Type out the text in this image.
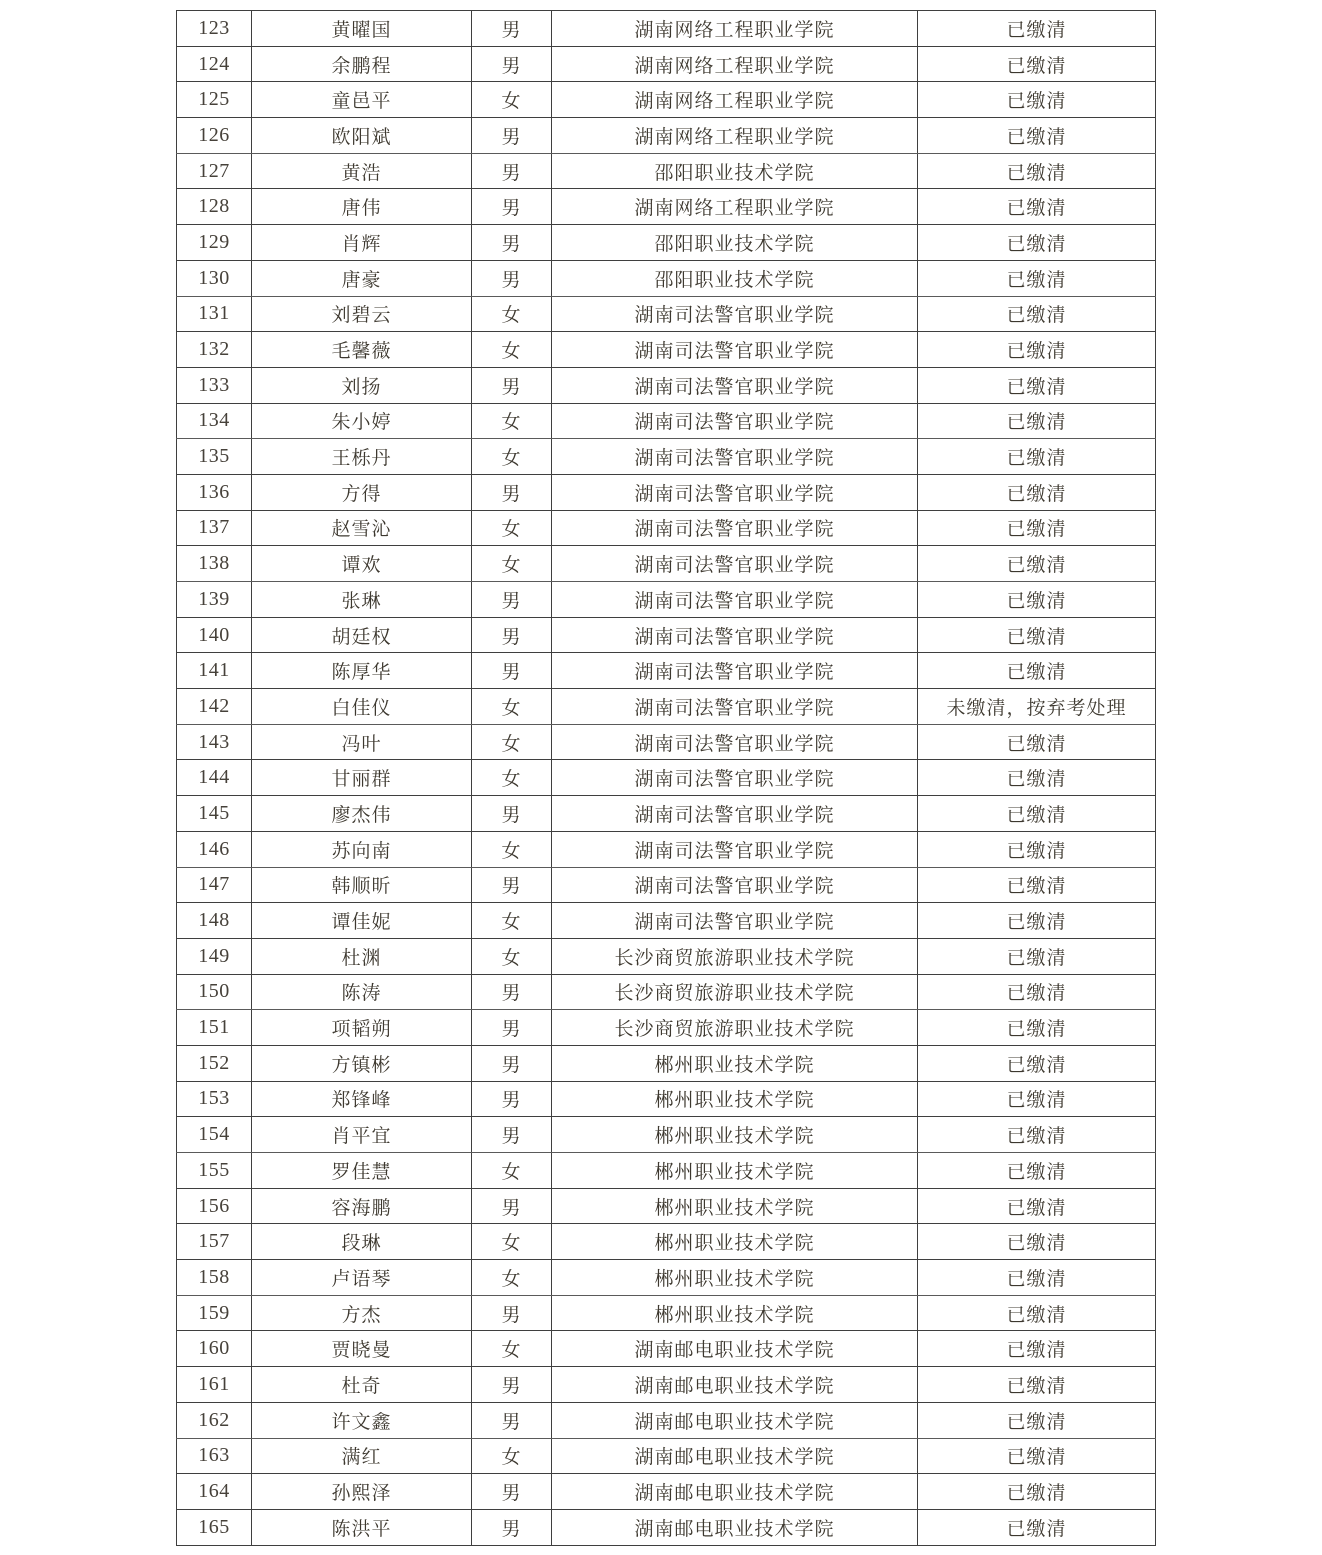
123	黄曜国	男	湖南网络工程职业学院	已缴清
124	余鹏程	男	湖南网络工程职业学院	已缴清
125	童邑平	女	湖南网络工程职业学院	已缴清
126	欧阳斌	男	湖南网络工程职业学院	已缴清
127	黄浩	男	邵阳职业技术学院	已缴清
128	唐伟	男	湖南网络工程职业学院	已缴清
129	肖辉	男	邵阳职业技术学院	已缴清
130	唐豪	男	邵阳职业技术学院	已缴清
131	刘碧云	女	湖南司法警官职业学院	已缴清
132	毛馨薇	女	湖南司法警官职业学院	已缴清
133	刘扬	男	湖南司法警官职业学院	已缴清
134	朱小婷	女	湖南司法警官职业学院	已缴清
135	王栎丹	女	湖南司法警官职业学院	已缴清
136	方得	男	湖南司法警官职业学院	已缴清
137	赵雪沁	女	湖南司法警官职业学院	已缴清
138	谭欢	女	湖南司法警官职业学院	已缴清
139	张琳	男	湖南司法警官职业学院	已缴清
140	胡廷权	男	湖南司法警官职业学院	已缴清
141	陈厚华	男	湖南司法警官职业学院	已缴清
142	白佳仪	女	湖南司法警官职业学院	未缴清，按弃考处理
143	冯叶	女	湖南司法警官职业学院	已缴清
144	甘丽群	女	湖南司法警官职业学院	已缴清
145	廖杰伟	男	湖南司法警官职业学院	已缴清
146	苏向南	女	湖南司法警官职业学院	已缴清
147	韩顺昕	男	湖南司法警官职业学院	已缴清
148	谭佳妮	女	湖南司法警官职业学院	已缴清
149	杜渊	女	长沙商贸旅游职业技术学院	已缴清
150	陈涛	男	长沙商贸旅游职业技术学院	已缴清
151	项韬朔	男	长沙商贸旅游职业技术学院	已缴清
152	方镇彬	男	郴州职业技术学院	已缴清
153	郑锋峰	男	郴州职业技术学院	已缴清
154	肖平宜	男	郴州职业技术学院	已缴清
155	罗佳慧	女	郴州职业技术学院	已缴清
156	容海鹏	男	郴州职业技术学院	已缴清
157	段琳	女	郴州职业技术学院	已缴清
158	卢语琴	女	郴州职业技术学院	已缴清
159	方杰	男	郴州职业技术学院	已缴清
160	贾晓曼	女	湖南邮电职业技术学院	已缴清
161	杜奇	男	湖南邮电职业技术学院	已缴清
162	许文鑫	男	湖南邮电职业技术学院	已缴清
163	满红	女	湖南邮电职业技术学院	已缴清
164	孙熙泽	男	湖南邮电职业技术学院	已缴清
165	陈洪平	男	湖南邮电职业技术学院	已缴清
